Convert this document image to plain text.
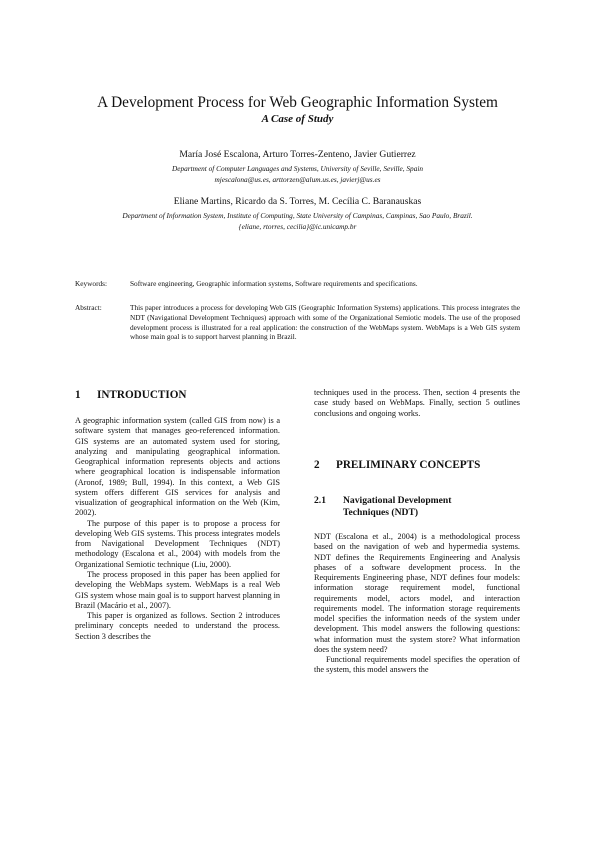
A Development Process for Web Geographic Information System
A Case of Study
María José Escalona, Arturo Torres-Zenteno, Javier Gutierrez
Department of Computer Languages and Systems, University of Seville, Seville, Spain
mjescalona@us.es, arttorzen@alum.us.es, javierj@us.es
Eliane Martins, Ricardo da S. Torres, M. Cecília C. Baranauskas
Department of Information System, Institute of Computing, State University of Campinas, Campinas, Sao Paulo, Brazil.
{eliane, rtorres, cecilia}@ic.unicamp.br
Keywords:	Software engineering, Geographic information systems, Software requirements and specifications.
Abstract:	This paper introduces a process for developing Web GIS (Geographic Information Systems) applications. This process integrates the NDT (Navigational Development Techniques) approach with some of the Organizational Semiotic models. The use of the proposed development process is illustrated for a real application: the construction of the WebMaps system. WebMaps is a Web GIS system whose main goal is to support harvest planning in Brazil.
1 INTRODUCTION

A geographic information system (called GIS from now) is a software system that manages geo-referenced information. GIS systems are an automated system used for storing, analyzing and manipulating geographical information. Geographical information represents objects and actions where geographical location is indispensable information (Aronof, 1989; Bull, 1994). In this context, a Web GIS system offers different GIS services for analysis and visualization of geographical information on the Web (Kim, 2002).

The purpose of this paper is to propose a process for developing Web GIS systems. This process integrates models from Navigational Development Techniques (NDT) methodology (Escalona et al., 2004) with models from the Organizational Semiotic technique (Liu, 2000).

The process proposed in this paper has been applied for developing the WebMaps system. WebMaps is a real Web GIS system whose main goal is to support harvest planning in Brazil (Macário et al., 2007).

This paper is organized as follows. Section 2 introduces preliminary concepts needed to understand the process. Section 3 describes the

techniques used in the process. Then, section 4 presents the case study based on WebMaps. Finally, section 5 outlines conclusions and ongoing works.

2 PRELIMINARY CONCEPTS
2.1 Navigational Development Techniques (NDT)

NDT (Escalona et al., 2004) is a methodological process based on the navigation of web and hypermedia systems. NDT defines the Requirements Engineering and Analysis phases of a software development process. In the Requirements Engineering phase, NDT defines four models: information storage requirement model, functional requirements model, actors model, and interaction requirements model. The information storage requirements model specifies the information needs of the system under development. This model answers the following questions: what information must the system store? What information does the system need?

Functional requirements model specifies the operation of the system, this model answers the
